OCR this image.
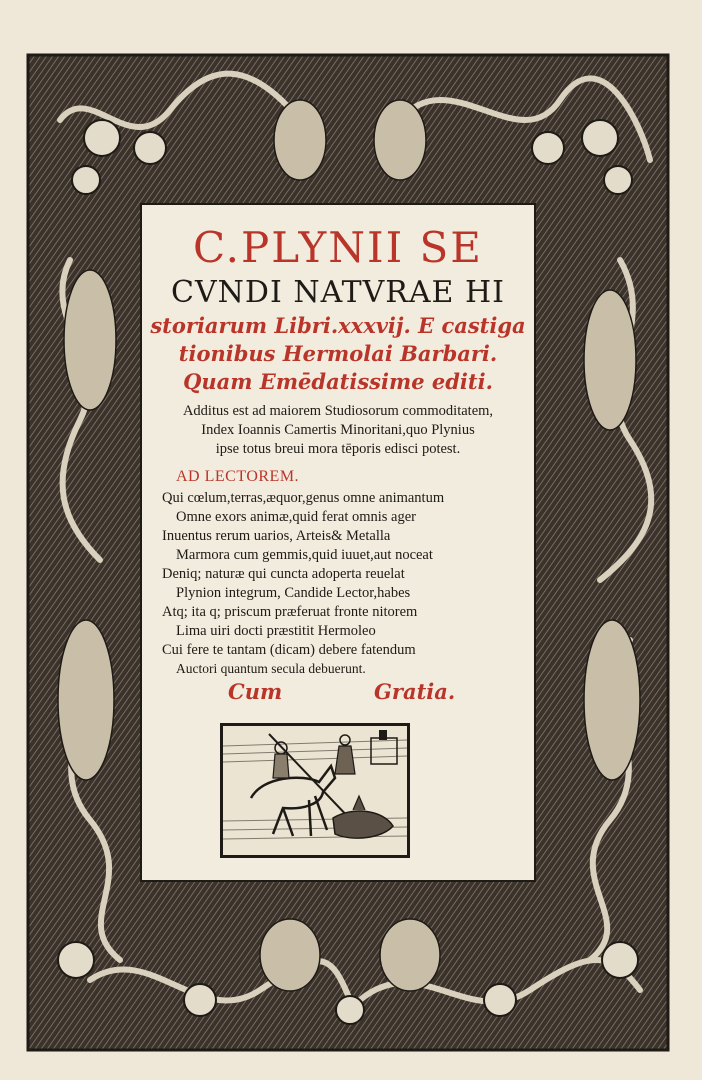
C.PLYNII SE
CVNDI NATVRAE HI
storiarum Libri.xxxvij. E castiga
tionibus Hermolai Barbari.
Quam Emēdatissime editi.
Additus est ad maiorem Studiosorum commoditatem,
Index Ioannis Camertis Minoritani,quo Plynius
ipse totus breui mora tēporis edisci potest.
AD LECTOREM.
Qui cœlum,terras,æquor,genus omne animantum
Omne exors animæ,quid ferat omnis ager
Inuentus rerum uarios, Arteis& Metalla
Marmora cum gemmis,quid iuuet,aut noceat
Deniq; naturæ qui cuncta adoperta reuelat
Plynion integrum, Candide Lector,habes
Atq; ita q; priscum præferuat fronte nitorem
Lima uiri docti præstitit Hermoleo
Cui fere te tantam (dicam) debere fatendum
Auctori quantum secula debuerunt.
Cum	Gratia.
